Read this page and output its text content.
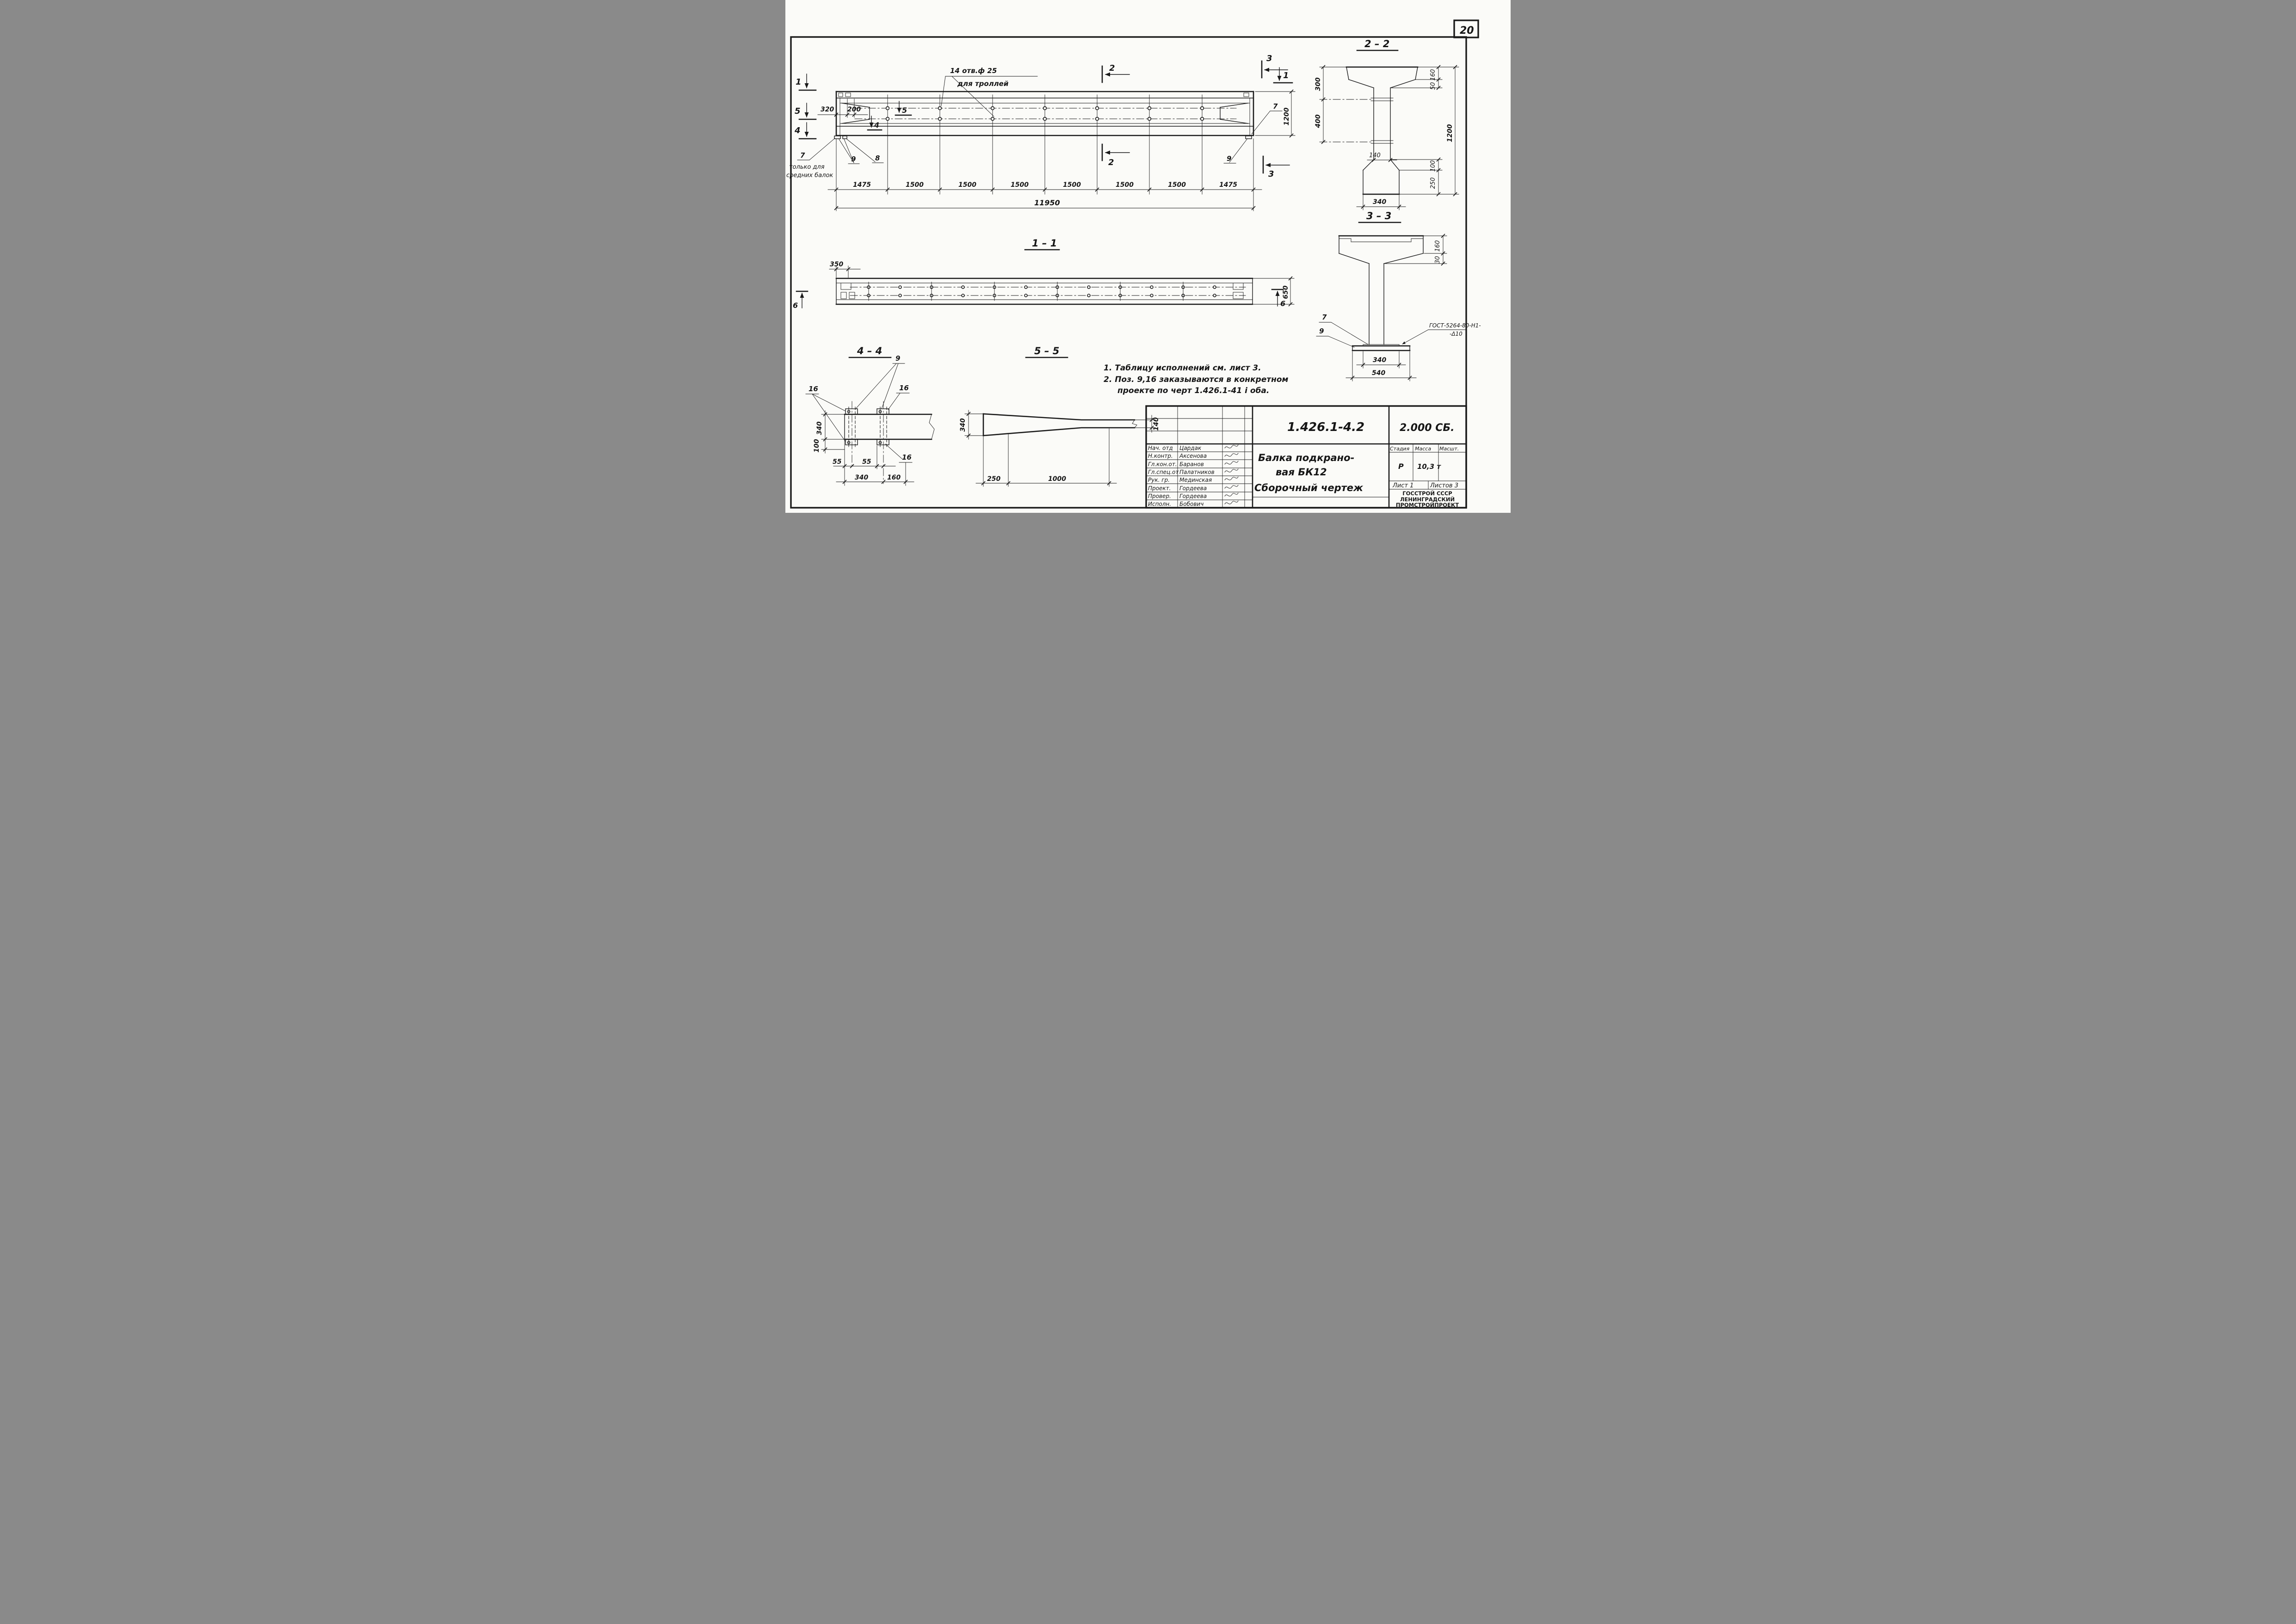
20
14 отв.ф 25
для троллей
1
5
4
5
4
320 200
2
2
3
3
1
1200
7
9
7
только для
средних балок
9	8
1475	1500	1500	1500	1500	1500	1500	1475
11950
1 – 1
350
6	6
650
2 – 2
300
400
160
50
100
250
1200
140
340
3 – 3
160
30
7
9
ГОСТ-5264-80-Н1-
-Δ10
340
540
4 – 4
9
16	16
16
340
100
55	55
340	160
5 – 5
340	140
250	1000
1. Таблицу исполнений см. лист 3.
2. Поз. 9,16 заказываются в конкретном
проекте по черт 1.426.1-41 і обa.
Нач. отд Цардак
Н.контр. Аксенова
Гл.кон.от. Баранов
Гл.спец.от Палатников
Рук. гр. Мединская
Проект. Гордеева
Провер. Гордеева
Исполн. Бобович
1.426.1-4.2
Балка подкрано-
вая БК12
Сборочный чертеж
2.000 СБ.
Стадия Масса Масшт.
Р 10,3 т
Лист 1	Листов 3
ГОССТРОЙ СССР
ЛЕНИНГРАДСКИЙ
ПРОМСТРОЙПРОЕКТ
